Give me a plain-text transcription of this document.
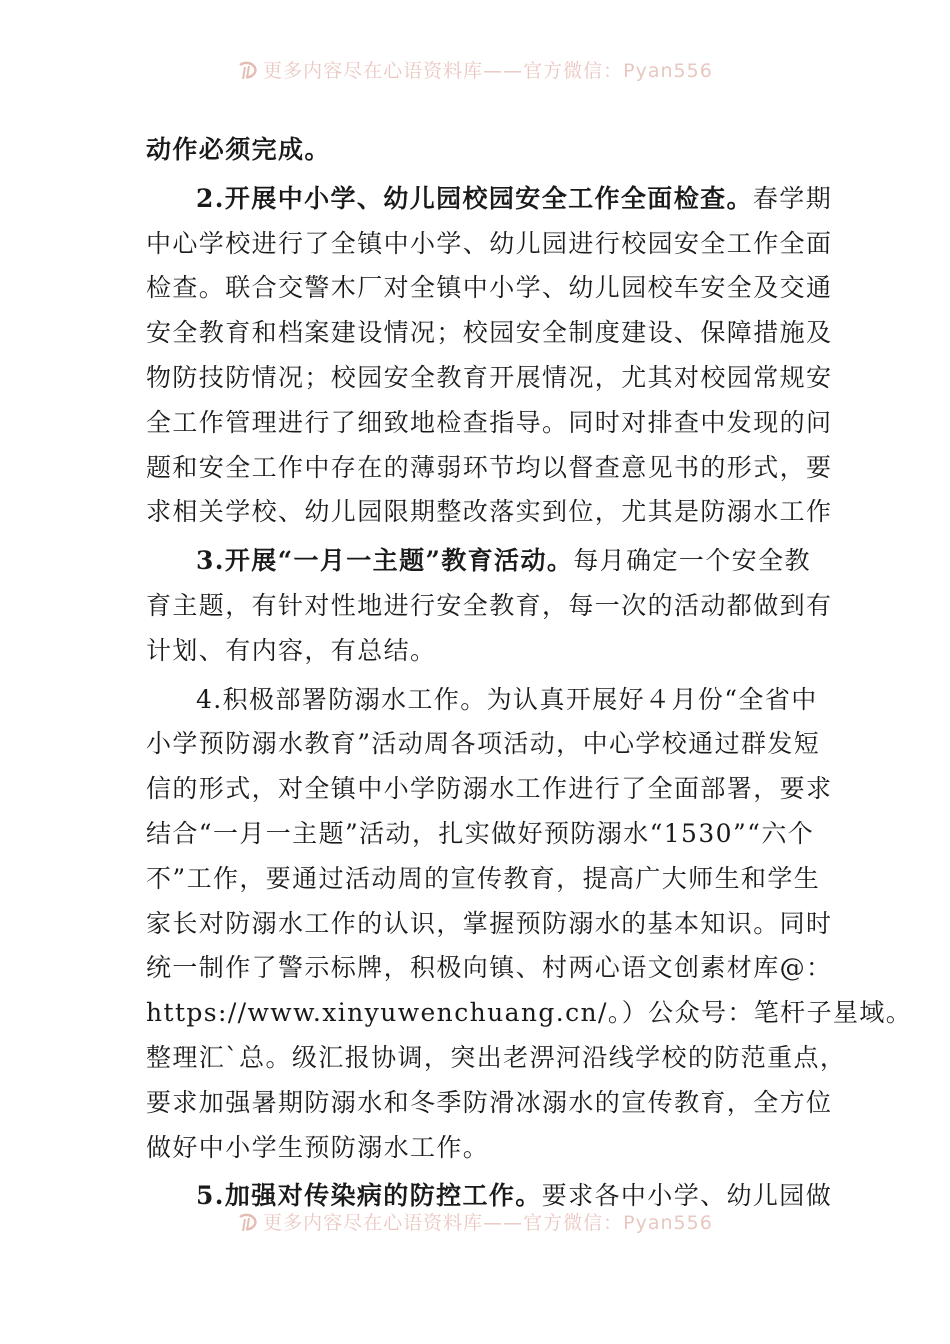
更多内容尽在心语资料库——官方微信：Pyan556
动作必须完成。
2.开展中小学、幼儿园校园安全工作全面检查。春学期
中心学校进行了全镇中小学、幼儿园进行校园安全工作全面
检查。联合交警木厂对全镇中小学、幼儿园校车安全及交通
安全教育和档案建设情况；校园安全制度建设、保障措施及
物防技防情况；校园安全教育开展情况，尤其对校园常规安
全工作管理进行了细致地检查指导。同时对排查中发现的问
题和安全工作中存在的薄弱环节均以督查意见书的形式，要
求相关学校、幼儿园限期整改落实到位，尤其是防溺水工作
3.开展“一月一主题”教育活动。每月确定一个安全教
育主题，有针对性地进行安全教育，每一次的活动都做到有
计划、有内容，有总结。
4.积极部署防溺水工作。为认真开展好４月份“全省中
小学预防溺水教育”活动周各项活动，中心学校通过群发短
信的形式，对全镇中小学防溺水工作进行了全面部署，要求
结合“一月一主题”活动，扎实做好预防溺水“1530”“六个
不”工作，要通过活动周的宣传教育，提高广大师生和学生
家长对防溺水工作的认识，掌握预防溺水的基本知识。同时
统一制作了警示标牌，积极向镇、村两心语文创素材库@：
https://www.xinyuwenchuang.cn/。）公众号：笔杆子星域。
整理汇`总。级汇报协调，突出老淠河沿线学校的防范重点，
要求加强暑期防溺水和冬季防滑冰溺水的宣传教育，全方位
做好中小学生预防溺水工作。
5.加强对传染病的防控工作。要求各中小学、幼儿园做
更多内容尽在心语资料库——官方微信：Pyan556
